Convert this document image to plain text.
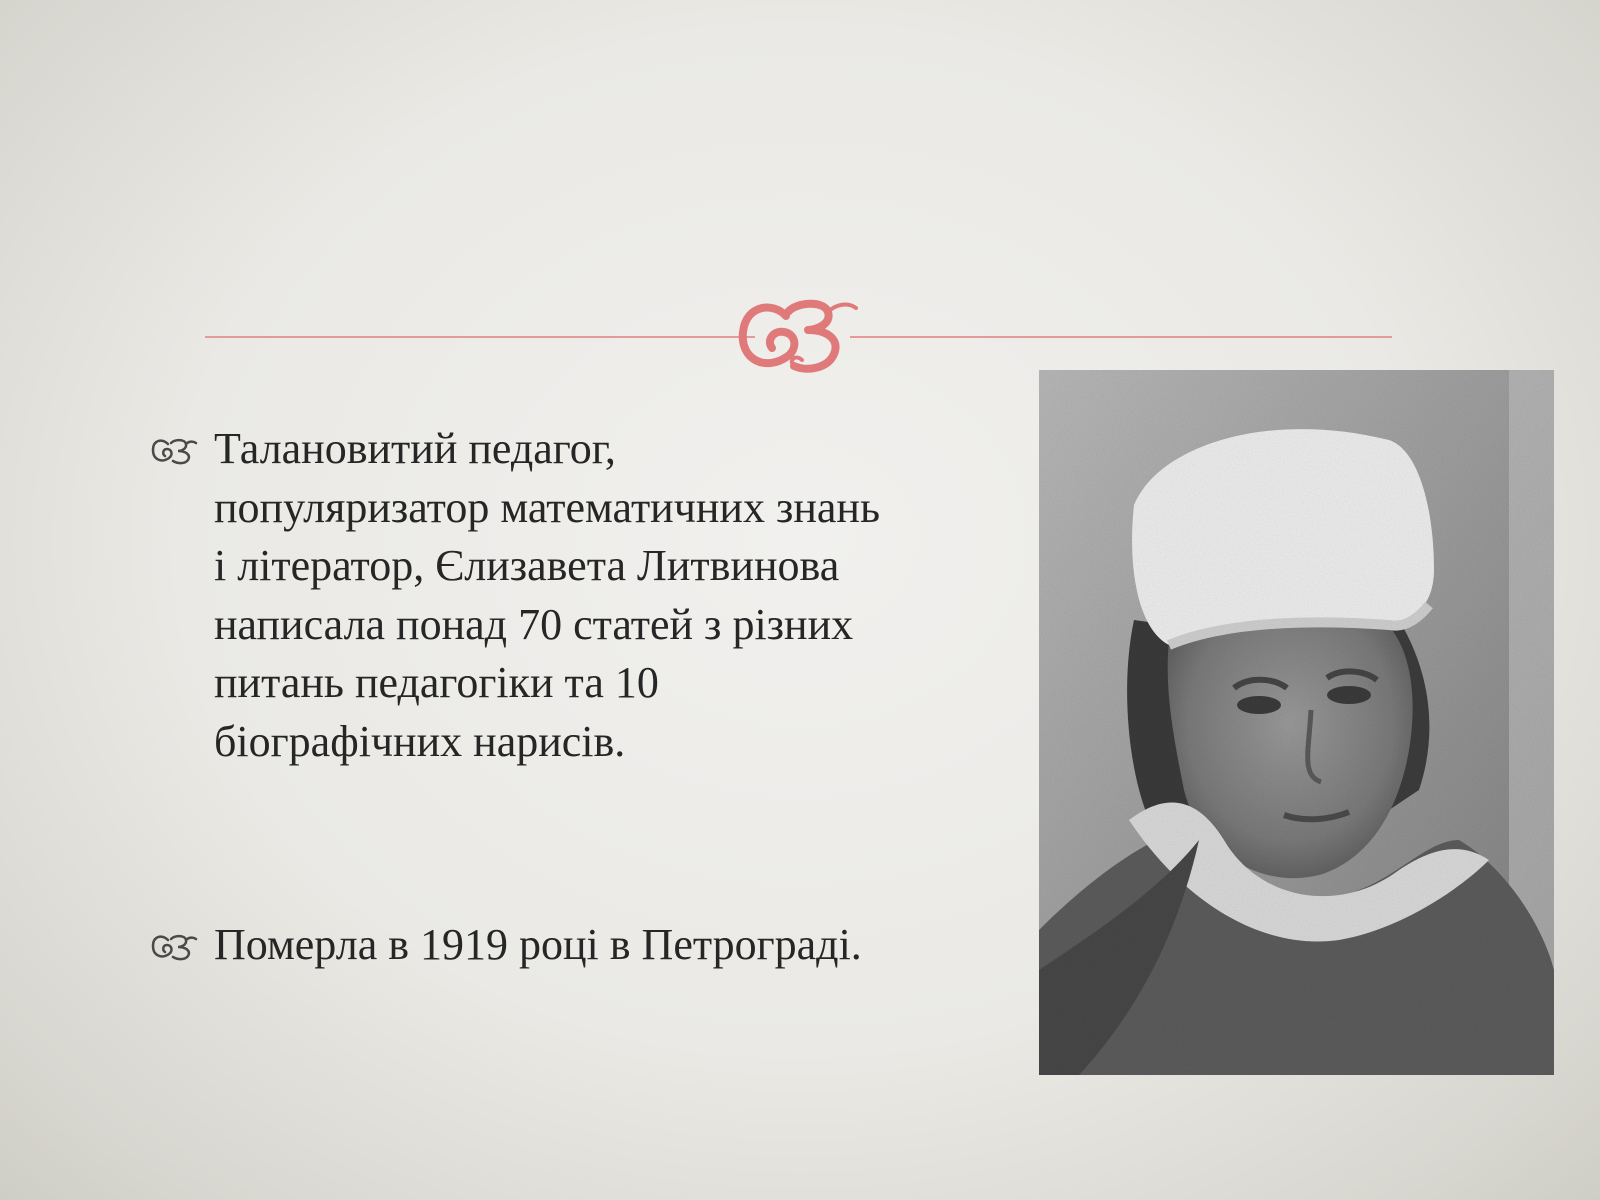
Талановитий педагог,
популяризатор математичних знань
і літератор, Єлизавета Литвинова
написала понад 70 статей з різних
питань педагогіки та 10
біографічних нарисів.
Померла в 1919 році в Петрограді.
